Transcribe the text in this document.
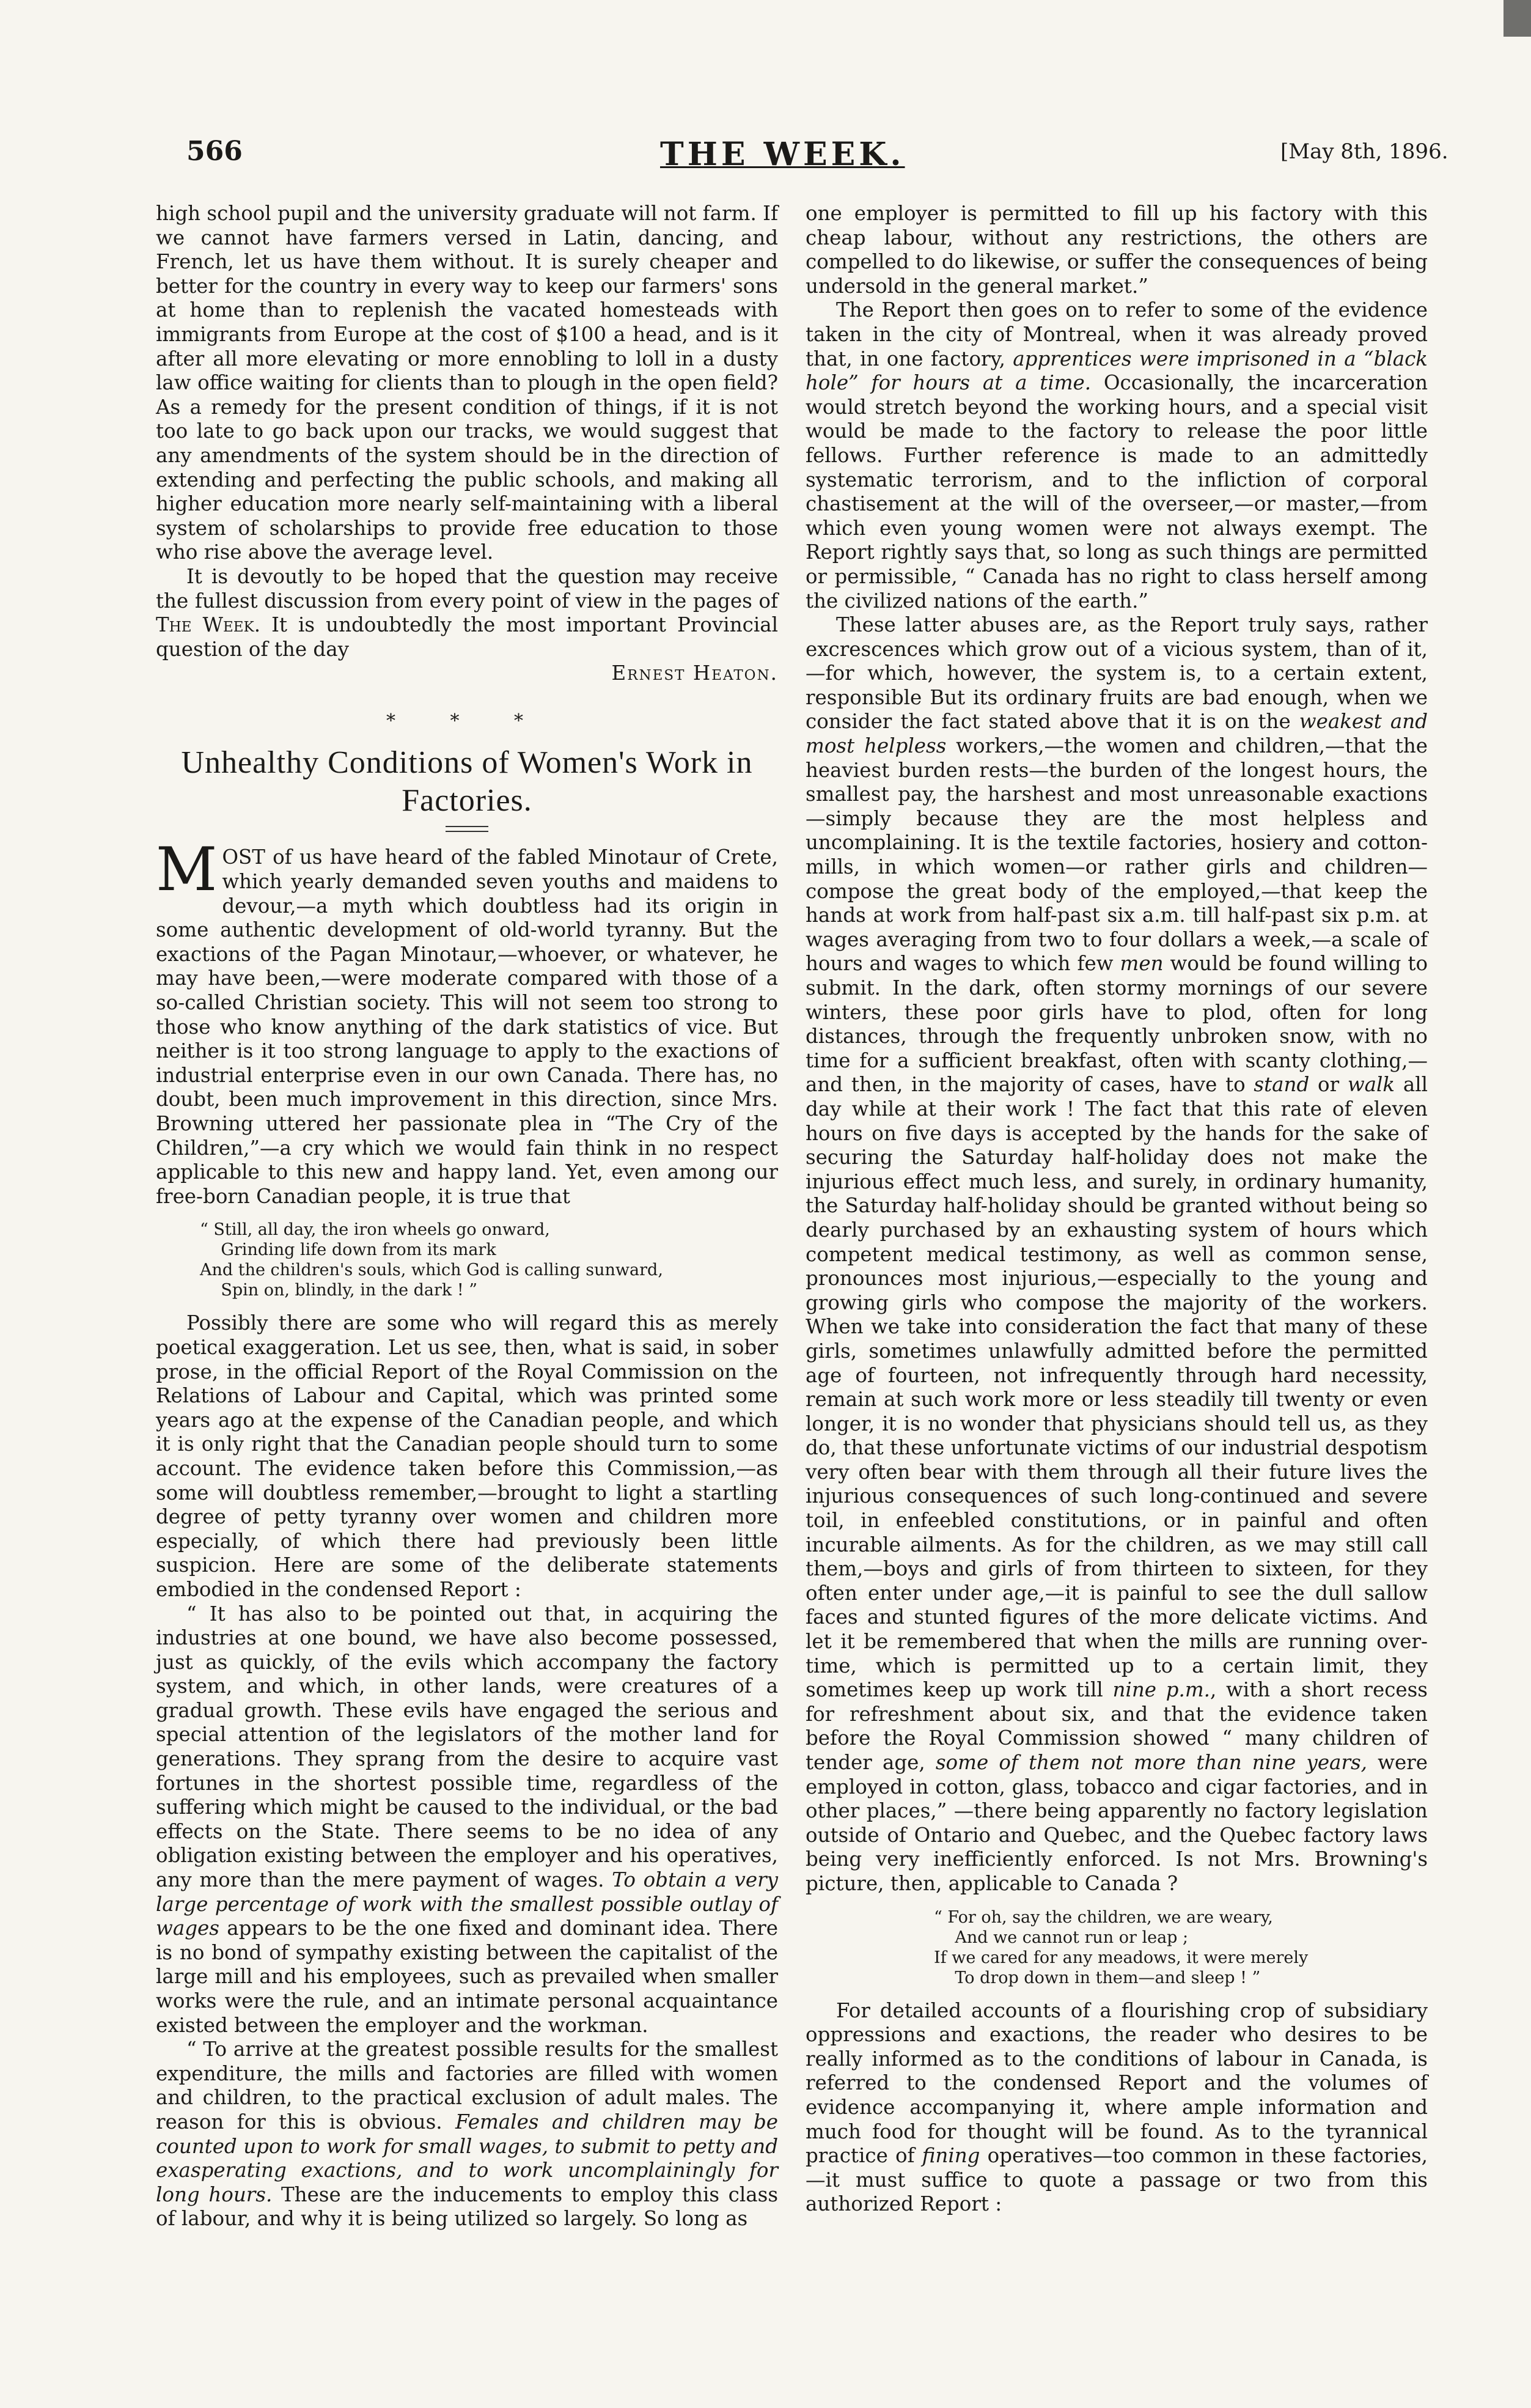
566	THE WEEK.	[May 8th, 1896.

high school pupil and the university graduate will not farm. If we cannot have farmers versed in Latin, dancing, and French, let us have them without. It is surely cheaper and better for the country in every way to keep our farmers' sons at home than to replenish the vacated homesteads with immigrants from Europe at the cost of $100 a head, and is it after all more elevating or more ennobling to loll in a dusty law office waiting for clients than to plough in the open field? As a remedy for the present condition of things, if it is not too late to go back upon our tracks, we would suggest that any amendments of the system should be in the direction of extending and perfecting the public schools, and making all higher education more nearly self-maintaining with a liberal system of scholarships to provide free education to those who rise above the average level.

It is devoutly to be hoped that the question may receive the fullest discussion from every point of view in the pages of The Week. It is undoubtedly the most important Provincial question of the day

Ernest Heaton.

* * *

Unhealthy Conditions of Women's Work in Factories.

MOST of us have heard of the fabled Minotaur of Crete, which yearly demanded seven youths and maidens to devour,—a myth which doubtless had its origin in some authentic development of old-world tyranny. But the exactions of the Pagan Minotaur,—whoever, or whatever, he may have been,—were moderate compared with those of a so-called Christian society. This will not seem too strong to those who know anything of the dark statistics of vice. But neither is it too strong language to apply to the exactions of industrial enterprise even in our own Canada. There has, no doubt, been much improvement in this direction, since Mrs. Browning uttered her passionate plea in “The Cry of the Children,”—a cry which we would fain think in no respect applicable to this new and happy land. Yet, even among our free-born Canadian people, it is true that

“ Still, all day, the iron wheels go onward,
Grinding life down from its mark
And the children's souls, which God is calling sunward,
Spin on, blindly, in the dark ! ”

Possibly there are some who will regard this as merely poetical exaggeration. Let us see, then, what is said, in sober prose, in the official Report of the Royal Commission on the Relations of Labour and Capital, which was printed some years ago at the expense of the Canadian people, and which it is only right that the Canadian people should turn to some account. The evidence taken before this Commission,—as some will doubtless remember,—brought to light a startling degree of petty tyranny over women and children more especially, of which there had previously been little suspicion. Here are some of the deliberate statements embodied in the condensed Report :

“ It has also to be pointed out that, in acquiring the industries at one bound, we have also become possessed, just as quickly, of the evils which accompany the factory system, and which, in other lands, were creatures of a gradual growth. These evils have engaged the serious and special attention of the legislators of the mother land for generations. They sprang from the desire to acquire vast fortunes in the shortest possible time, regardless of the suffering which might be caused to the individual, or the bad effects on the State. There seems to be no idea of any obligation existing between the employer and his operatives, any more than the mere payment of wages. To obtain a very large percentage of work with the smallest possible outlay of wages appears to be the one fixed and dominant idea. There is no bond of sympathy existing between the capitalist of the large mill and his employees, such as prevailed when smaller works were the rule, and an intimate personal acquaintance existed between the employer and the workman.

“ To arrive at the greatest possible results for the smallest expenditure, the mills and factories are filled with women and children, to the practical exclusion of adult males. The reason for this is obvious. Females and children may be counted upon to work for small wages, to submit to petty and exasperating exactions, and to work uncomplainingly for long hours. These are the inducements to employ this class of labour, and why it is being utilized so largely. So long as

one employer is permitted to fill up his factory with this cheap labour, without any restrictions, the others are compelled to do likewise, or suffer the consequences of being undersold in the general market.”

The Report then goes on to refer to some of the evidence taken in the city of Montreal, when it was already proved that, in one factory, apprentices were imprisoned in a “black hole” for hours at a time. Occasionally, the incarceration would stretch beyond the working hours, and a special visit would be made to the factory to release the poor little fellows. Further reference is made to an admittedly systematic terrorism, and to the infliction of corporal chastisement at the will of the overseer,—or master,—from which even young women were not always exempt. The Report rightly says that, so long as such things are permitted or permissible, “ Canada has no right to class herself among the civilized nations of the earth.”

These latter abuses are, as the Report truly says, rather excrescences which grow out of a vicious system, than of it,—for which, however, the system is, to a certain extent, responsible But its ordinary fruits are bad enough, when we consider the fact stated above that it is on the weakest and most helpless workers,—the women and children,—that the heaviest burden rests—the burden of the longest hours, the smallest pay, the harshest and most unreasonable exactions—simply because they are the most helpless and uncomplaining. It is the textile factories, hosiery and cotton-mills, in which women—or rather girls and children—compose the great body of the employed,—that keep the hands at work from half-past six a.m. till half-past six p.m. at wages averaging from two to four dollars a week,—a scale of hours and wages to which few men would be found willing to submit. In the dark, often stormy mornings of our severe winters, these poor girls have to plod, often for long distances, through the frequently unbroken snow, with no time for a sufficient breakfast, often with scanty clothing,—and then, in the majority of cases, have to stand or walk all day while at their work ! The fact that this rate of eleven hours on five days is accepted by the hands for the sake of securing the Saturday half-holiday does not make the injurious effect much less, and surely, in ordinary humanity, the Saturday half-holiday should be granted without being so dearly purchased by an exhausting system of hours which competent medical testimony, as well as common sense, pronounces most injurious,—especially to the young and growing girls who compose the majority of the workers. When we take into consideration the fact that many of these girls, sometimes unlawfully admitted before the permitted age of fourteen, not infrequently through hard necessity, remain at such work more or less steadily till twenty or even longer, it is no wonder that physicians should tell us, as they do, that these unfortunate victims of our industrial despotism very often bear with them through all their future lives the injurious consequences of such long-continued and severe toil, in enfeebled constitutions, or in painful and often incurable ailments. As for the children, as we may still call them,—boys and girls of from thirteen to sixteen, for they often enter under age,—it is painful to see the dull sallow faces and stunted figures of the more delicate victims. And let it be remembered that when the mills are running over-time, which is permitted up to a certain limit, they sometimes keep up work till nine p.m., with a short recess for refreshment about six, and that the evidence taken before the Royal Commission showed “ many children of tender age, some of them not more than nine years, were employed in cotton, glass, tobacco and cigar factories, and in other places,” —there being apparently no factory legislation outside of Ontario and Quebec, and the Quebec factory laws being very inefficiently enforced. Is not Mrs. Browning's picture, then, applicable to Canada ?

“ For oh, say the children, we are weary,
And we cannot run or leap ;
If we cared for any meadows, it were merely
To drop down in them—and sleep ! ”

For detailed accounts of a flourishing crop of subsidiary oppressions and exactions, the reader who desires to be really informed as to the conditions of labour in Canada, is referred to the condensed Report and the volumes of evidence accompanying it, where ample information and much food for thought will be found. As to the tyrannical practice of fining operatives—too common in these factories,—it must suffice to quote a passage or two from this authorized Report :
